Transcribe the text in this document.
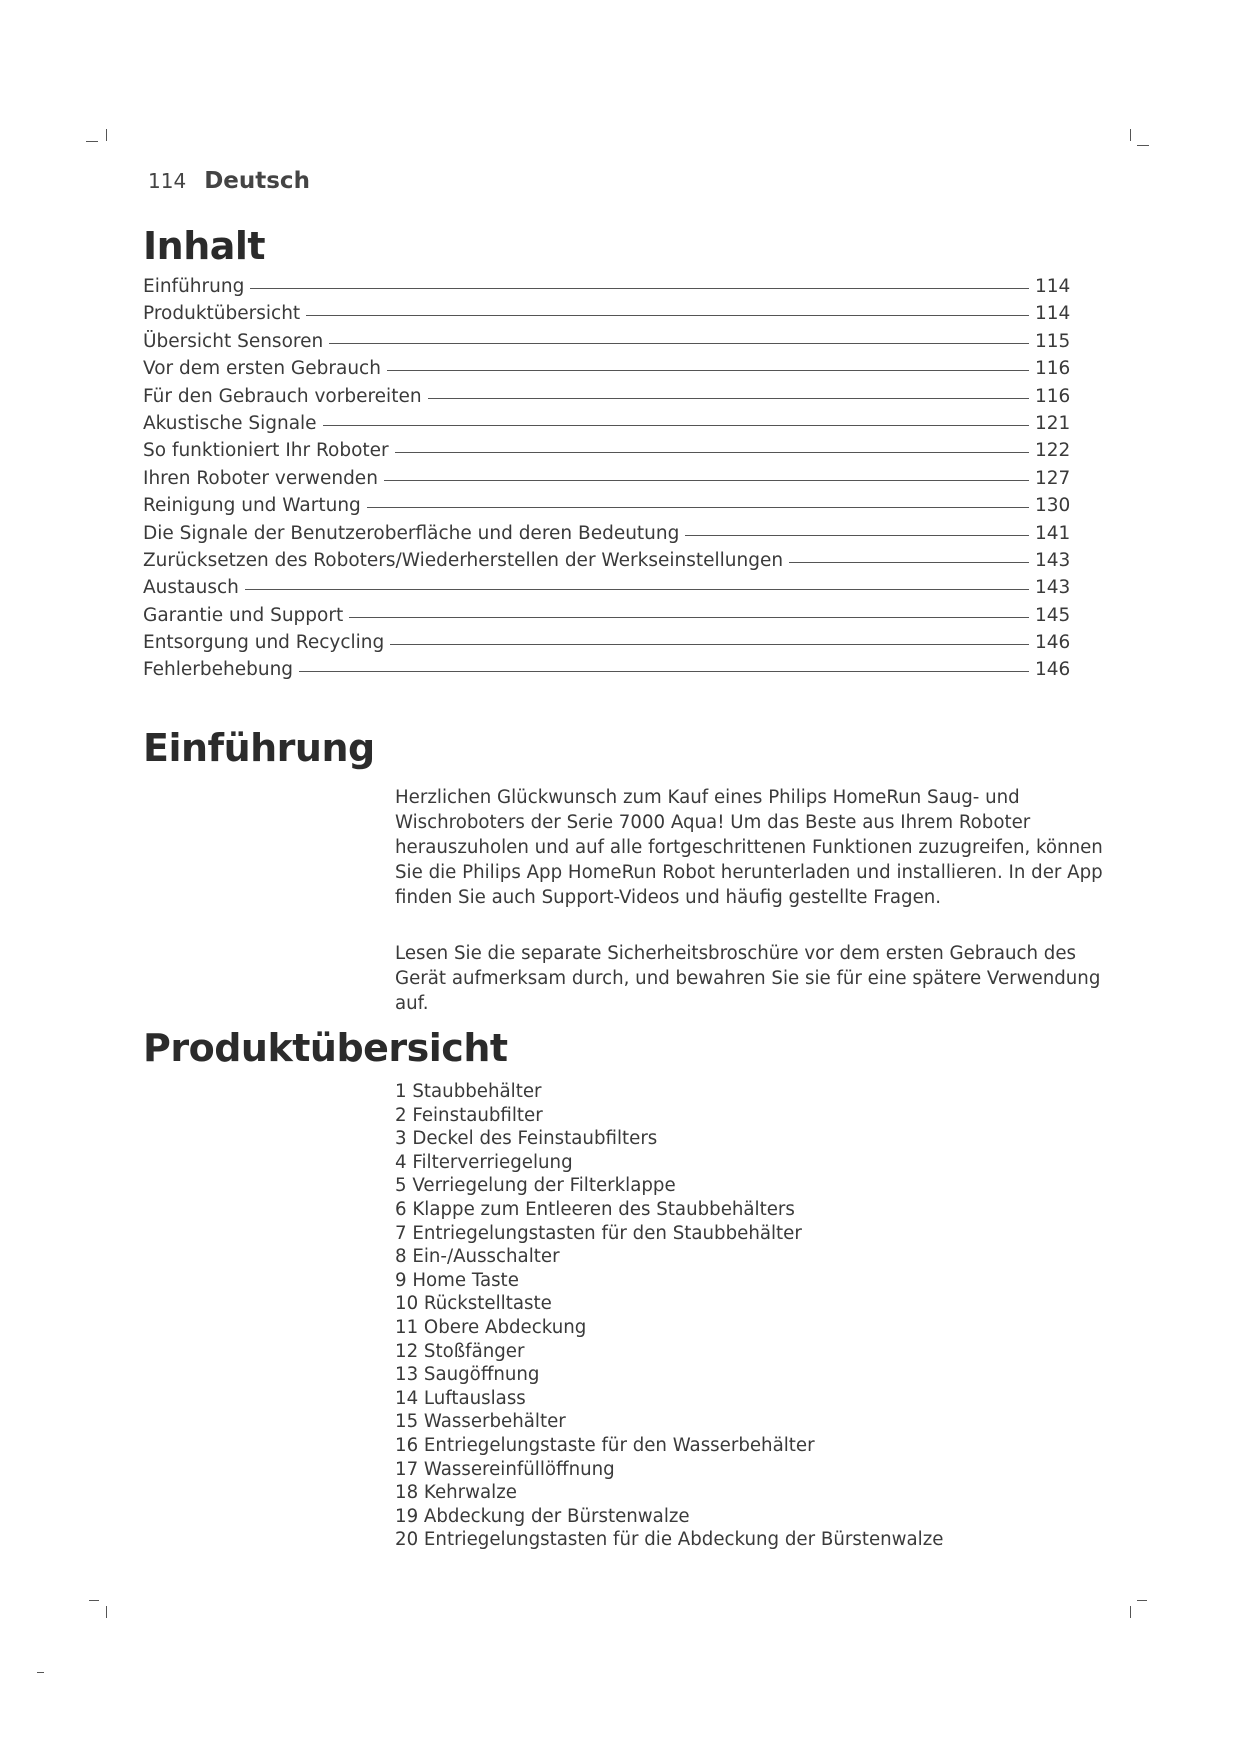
114 Deutsch
Inhalt
Einführung	114
Produktübersicht	114
Übersicht Sensoren	115
Vor dem ersten Gebrauch	116
Für den Gebrauch vorbereiten	116
Akustische Signale	121
So funktioniert Ihr Roboter	122
Ihren Roboter verwenden	127
Reinigung und Wartung	130
Die Signale der Benutzeroberfläche und deren Bedeutung	141
Zurücksetzen des Roboters/Wiederherstellen der Werkseinstellungen	143
Austausch	143
Garantie und Support	145
Entsorgung und Recycling	146
Fehlerbehebung	146
Einführung

Herzlichen Glückwunsch zum Kauf eines Philips HomeRun Saug- und Wischroboters der Serie 7000 Aqua! Um das Beste aus Ihrem Roboter herauszuholen und auf alle fortgeschrittenen Funktionen zuzugreifen, können Sie die Philips App HomeRun Robot herunterladen und installieren. In der App finden Sie auch Support-Videos und häufig gestellte Fragen.

Lesen Sie die separate Sicherheitsbroschüre vor dem ersten Gebrauch des Gerät aufmerksam durch, und bewahren Sie sie für eine spätere Verwendung auf.

Produktübersicht
1 Staubbehälter
2 Feinstaubfilter
3 Deckel des Feinstaubfilters
4 Filterverriegelung
5 Verriegelung der Filterklappe
6 Klappe zum Entleeren des Staubbehälters
7 Entriegelungstasten für den Staubbehälter
8 Ein-/Ausschalter
9 Home Taste
10 Rückstelltaste
11 Obere Abdeckung
12 Stoßfänger
13 Saugöffnung
14 Luftauslass
15 Wasserbehälter
16 Entriegelungstaste für den Wasserbehälter
17 Wassereinfüllöffnung
18 Kehrwalze
19 Abdeckung der Bürstenwalze
20 Entriegelungstasten für die Abdeckung der Bürstenwalze
